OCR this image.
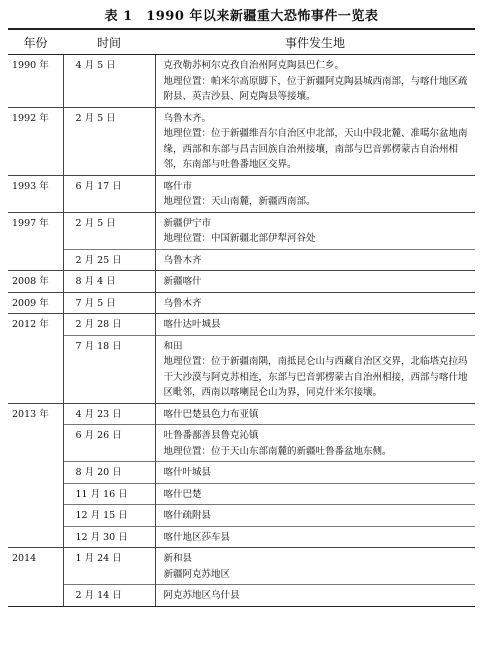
表 1　1990 年以来新疆重大恐怖事件一览表
年份	时间	事件发生地
1990 年	4 月 5 日	克孜勒苏柯尔克孜自治州阿克陶县巴仁乡。
地理位置：帕米尔高原脚下，位于新疆阿克陶县城西南部，与喀什地区疏附县、英吉沙县、阿克陶县等接壤。

1992 年	2 月 5 日	乌鲁木齐。
地理位置：位于新疆维吾尔自治区中北部，天山中段北麓、准噶尔盆地南缘，西部和东部与昌吉回族自治州接壤，南部与巴音郭楞蒙古自治州相邻，东南部与吐鲁番地区交界。

1993 年	6 月 17 日	喀什市
地理位置：天山南麓，新疆西南部。

1997 年	2 月 5 日	新疆伊宁市
地理位置：中国新疆北部伊犁河谷处

	2 月 25 日	乌鲁木齐

2008 年	8 月 4 日	新疆喀什

2009 年	7 月 5 日	乌鲁木齐

2012 年	2 月 28 日	喀什达叶城县

	7 月 18 日	和田
地理位置：位于新疆南隅，南抵昆仑山与西藏自治区交界，北临塔克拉玛干大沙漠与阿克苏相连，东部与巴音郭楞蒙古自治州相接，西部与喀什地区毗邻，西南以喀喇昆仑山为界，同克什米尔接壤。

2013 年	4 月 23 日	喀什巴楚县色力布亚镇

	6 月 26 日	吐鲁番鄯善县鲁克沁镇
地理位置：位于天山东部南麓的新疆吐鲁番盆地东侧。

	8 月 20 日	喀什叶城县

	11 月 16 日	喀什巴楚

	12 月 15 日	喀什疏附县

	12 月 30 日	喀什地区莎车县

2014	1 月 24 日	新和县
新疆阿克苏地区

	2 月 14 日	阿克苏地区乌什县
